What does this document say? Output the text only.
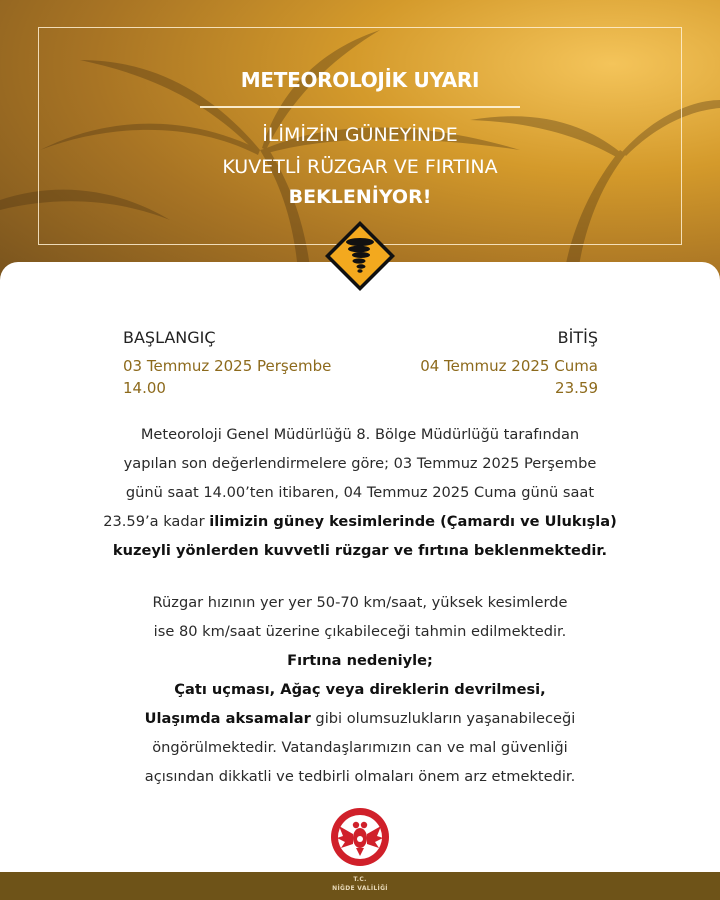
METEOROLOJİK UYARI
İLİMİZİN GÜNEYİNDE
KUVETLİ RÜZGAR VE FIRTINA
BEKLENİYOR!
BAŞLANGIÇ	BİTİŞ
03 Temmuz 2025 Perşembe
14.00
04 Temmuz 2025 Cuma
23.59
Meteoroloji Genel Müdürlüğü 8. Bölge Müdürlüğü tarafından
yapılan son değerlendirmelere göre; 03 Temmuz 2025 Perşembe
günü saat 14.00’ten itibaren, 04 Temmuz 2025 Cuma günü saat
23.59’a kadar ilimizin güney kesimlerinde (Çamardı ve Ulukışla)
kuzeyli yönlerden kuvvetli rüzgar ve fırtına beklenmektedir.
Rüzgar hızının yer yer 50-70 km/saat, yüksek kesimlerde
ise 80 km/saat üzerine çıkabileceği tahmin edilmektedir.
Fırtına nedeniyle;
Çatı uçması, Ağaç veya direklerin devrilmesi,
Ulaşımda aksamalar gibi olumsuzlukların yaşanabileceği
öngörülmektedir. Vatandaşlarımızın can ve mal güvenliği
açısından dikkatli ve tedbirli olmaları önem arz etmektedir.
T.C.
NİĞDE VALİLİĞİ
